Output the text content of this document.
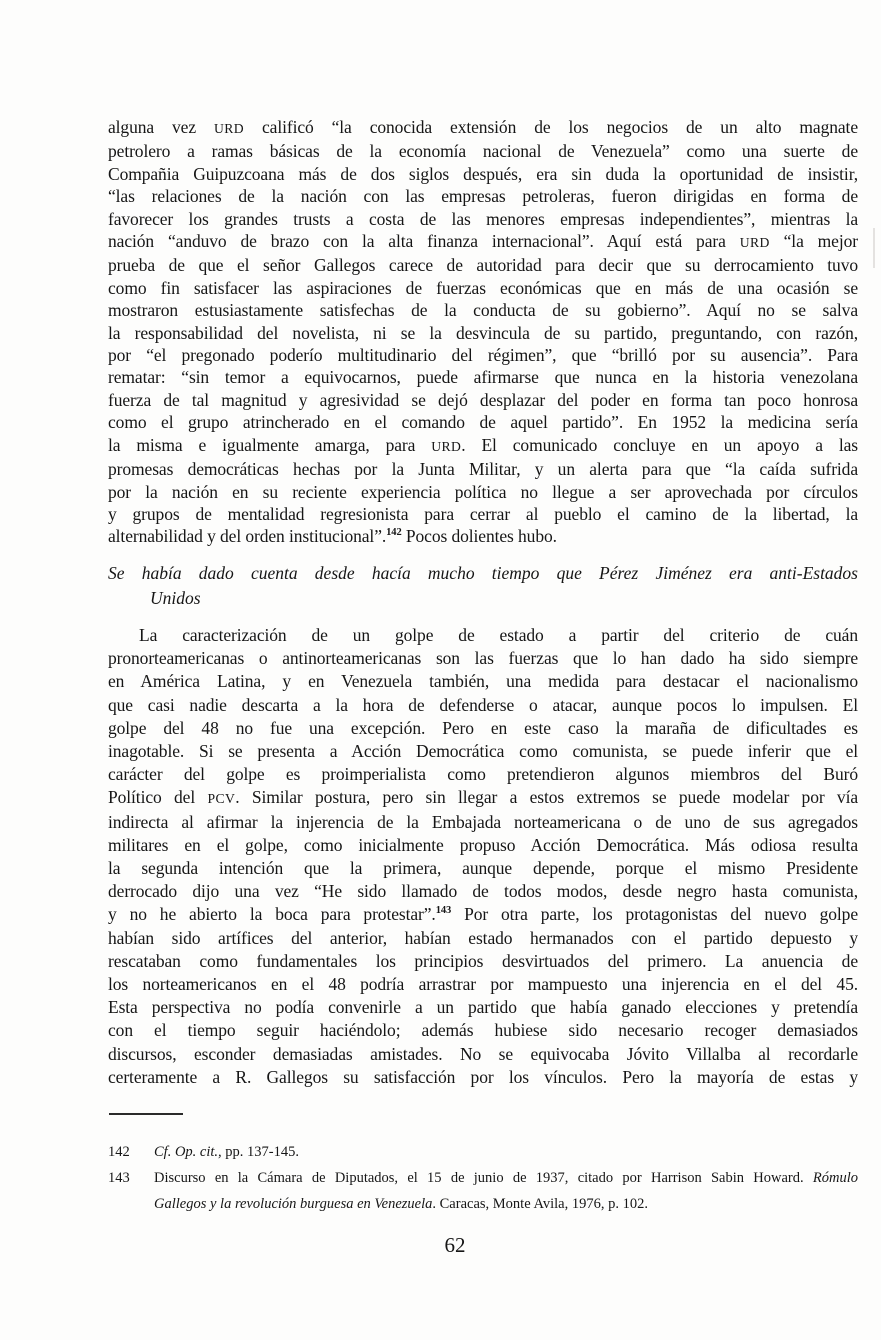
alguna vez URD calificó “la conocida extensión de los negocios de un alto magnate
petrolero a ramas básicas de la economía nacional de Venezuela” como una suerte de
Compañia Guipuzcoana más de dos siglos después, era sin duda la oportunidad de insistir,
“las relaciones de la nación con las empresas petroleras, fueron dirigidas en forma de
favorecer los grandes trusts a costa de las menores empresas independientes”, mientras la
nación “anduvo de brazo con la alta finanza internacional”. Aquí está para URD “la mejor
prueba de que el señor Gallegos carece de autoridad para decir que su derrocamiento tuvo
como fin satisfacer las aspiraciones de fuerzas económicas que en más de una ocasión se
mostraron estusiastamente satisfechas de la conducta de su gobierno”. Aquí no se salva
la responsabilidad del novelista, ni se la desvincula de su partido, preguntando, con razón,
por “el pregonado poderío multitudinario del régimen”, que “brilló por su ausencia”. Para
rematar: “sin temor a equivocarnos, puede afirmarse que nunca en la historia venezolana
fuerza de tal magnitud y agresividad se dejó desplazar del poder en forma tan poco honrosa
como el grupo atrincherado en el comando de aquel partido”. En 1952 la medicina sería
la misma e igualmente amarga, para URD. El comunicado concluye en un apoyo a las
promesas democráticas hechas por la Junta Militar, y un alerta para que “la caída sufrida
por la nación en su reciente experiencia política no llegue a ser aprovechada por círculos
y grupos de mentalidad regresionista para cerrar al pueblo el camino de la libertad, la
alternabilidad y del orden institucional”.$^{142}$ Pocos dolientes hubo.
Se había dado cuenta desde hacía mucho tiempo que Pérez Jiménez era anti-Estados
Unidos
La caracterización de un golpe de estado a partir del criterio de cuán
pronorteamericanas o antinorteamericanas son las fuerzas que lo han dado ha sido siempre
en América Latina, y en Venezuela también, una medida para destacar el nacionalismo
que casi nadie descarta a la hora de defenderse o atacar, aunque pocos lo impulsen. El
golpe del 48 no fue una excepción. Pero en este caso la maraña de dificultades es
inagotable. Si se presenta a Acción Democrática como comunista, se puede inferir que el
carácter del golpe es proimperialista como pretendieron algunos miembros del Buró
Político del PCV. Similar postura, pero sin llegar a estos extremos se puede modelar por vía
indirecta al afirmar la injerencia de la Embajada norteamericana o de uno de sus agregados
militares en el golpe, como inicialmente propuso Acción Democrática. Más odiosa resulta
la segunda intención que la primera, aunque depende, porque el mismo Presidente
derrocado dijo una vez “He sido llamado de todos modos, desde negro hasta comunista,
y no he abierto la boca para protestar”.$^{143}$ Por otra parte, los protagonistas del nuevo golpe
habían sido artífices del anterior, habían estado hermanados con el partido depuesto y
rescataban como fundamentales los principios desvirtuados del primero. La anuencia de
los norteamericanos en el 48 podría arrastrar por mampuesto una injerencia en el del 45.
Esta perspectiva no podía convenirle a un partido que había ganado elecciones y pretendía
con el tiempo seguir haciéndolo; además hubiese sido necesario recoger demasiados
discursos, esconder demasiadas amistades. No se equivocaba Jóvito Villalba al recordarle
certeramente a R. Gallegos su satisfacción por los vínculos. Pero la mayoría de estas y
142	Cf. Op. cit., pp. 137-145.
143	Discurso en la Cámara de Diputados, el 15 de junio de 1937, citado por Harrison Sabin Howard. Rómulo
Gallegos y la revolución burguesa en Venezuela. Caracas, Monte Avila, 1976, p. 102.
62
